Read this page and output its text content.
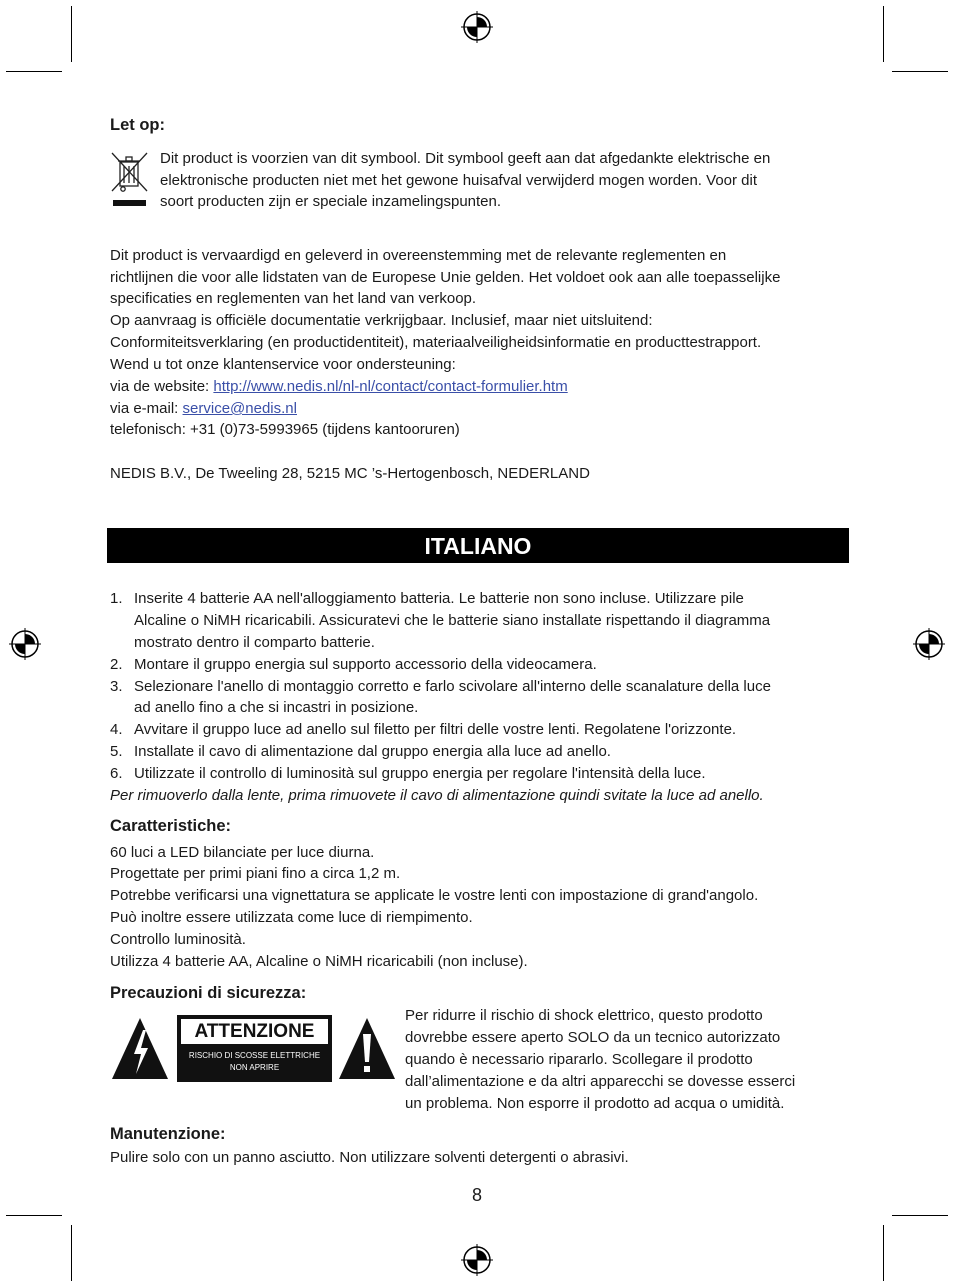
Let op:
Dit product is voorzien van dit symbool. Dit symbool geeft aan dat afgedankte elektrische en
elektronische producten niet met het gewone huisafval verwijderd mogen worden. Voor dit
soort producten zijn er speciale inzamelingspunten.
Dit product is vervaardigd en geleverd in overeenstemming met de relevante reglementen en
richtlijnen die voor alle lidstaten van de Europese Unie gelden. Het voldoet ook aan alle toepasselijke
specificaties en reglementen van het land van verkoop.
Op aanvraag is officiële documentatie verkrijgbaar. Inclusief, maar niet uitsluitend:
Conformiteitsverklaring (en productidentiteit), materiaalveiligheidsinformatie en producttestrapport.
Wend u tot onze klantenservice voor ondersteuning:
via de website: http://www.nedis.nl/nl-nl/contact/contact-formulier.htm
via e-mail: service@nedis.nl
telefonisch: +31 (0)73-5993965 (tijdens kantooruren)
NEDIS B.V., De Tweeling 28, 5215 MC ’s-Hertogenbosch, NEDERLAND
ITALIANO
1. Inserite 4 batterie AA nell'alloggiamento batteria. Le batterie non sono incluse. Utilizzare pile
Alcaline o NiMH ricaricabili. Assicuratevi che le batterie siano installate rispettando il diagramma
mostrato dentro il comparto batterie.
2. Montare il gruppo energia sul supporto accessorio della videocamera.
3. Selezionare l'anello di montaggio corretto e farlo scivolare all'interno delle scanalature della luce
ad anello fino a che si incastri in posizione.
4. Avvitare il gruppo luce ad anello sul filetto per filtri delle vostre lenti. Regolatene l'orizzonte.
5. Installate il cavo di alimentazione dal gruppo energia alla luce ad anello.
6. Utilizzate il controllo di luminosità sul gruppo energia per regolare l'intensità della luce.
Per rimuoverlo dalla lente, prima rimuovete il cavo di alimentazione quindi svitate la luce ad anello.
Caratteristiche:
60 luci a LED bilanciate per luce diurna.
Progettate per primi piani fino a circa 1,2 m.
Potrebbe verificarsi una vignettatura se applicate le vostre lenti con impostazione di grand'angolo.
Può inoltre essere utilizzata come luce di riempimento.
Controllo luminosità.
Utilizza 4 batterie AA, Alcaline o NiMH ricaricabili (non incluse).
Precauzioni di sicurezza:
ATTENZIONE
RISCHIO DI SCOSSE ELETTRICHE
NON APRIRE
Per ridurre il rischio di shock elettrico, questo prodotto
dovrebbe essere aperto SOLO da un tecnico autorizzato
quando è necessario ripararlo. Scollegare il prodotto
dall’alimentazione e da altri apparecchi se dovesse esserci
un problema. Non esporre il prodotto ad acqua o umidità.
Manutenzione:
Pulire solo con un panno asciutto. Non utilizzare solventi detergenti o abrasivi.
8
